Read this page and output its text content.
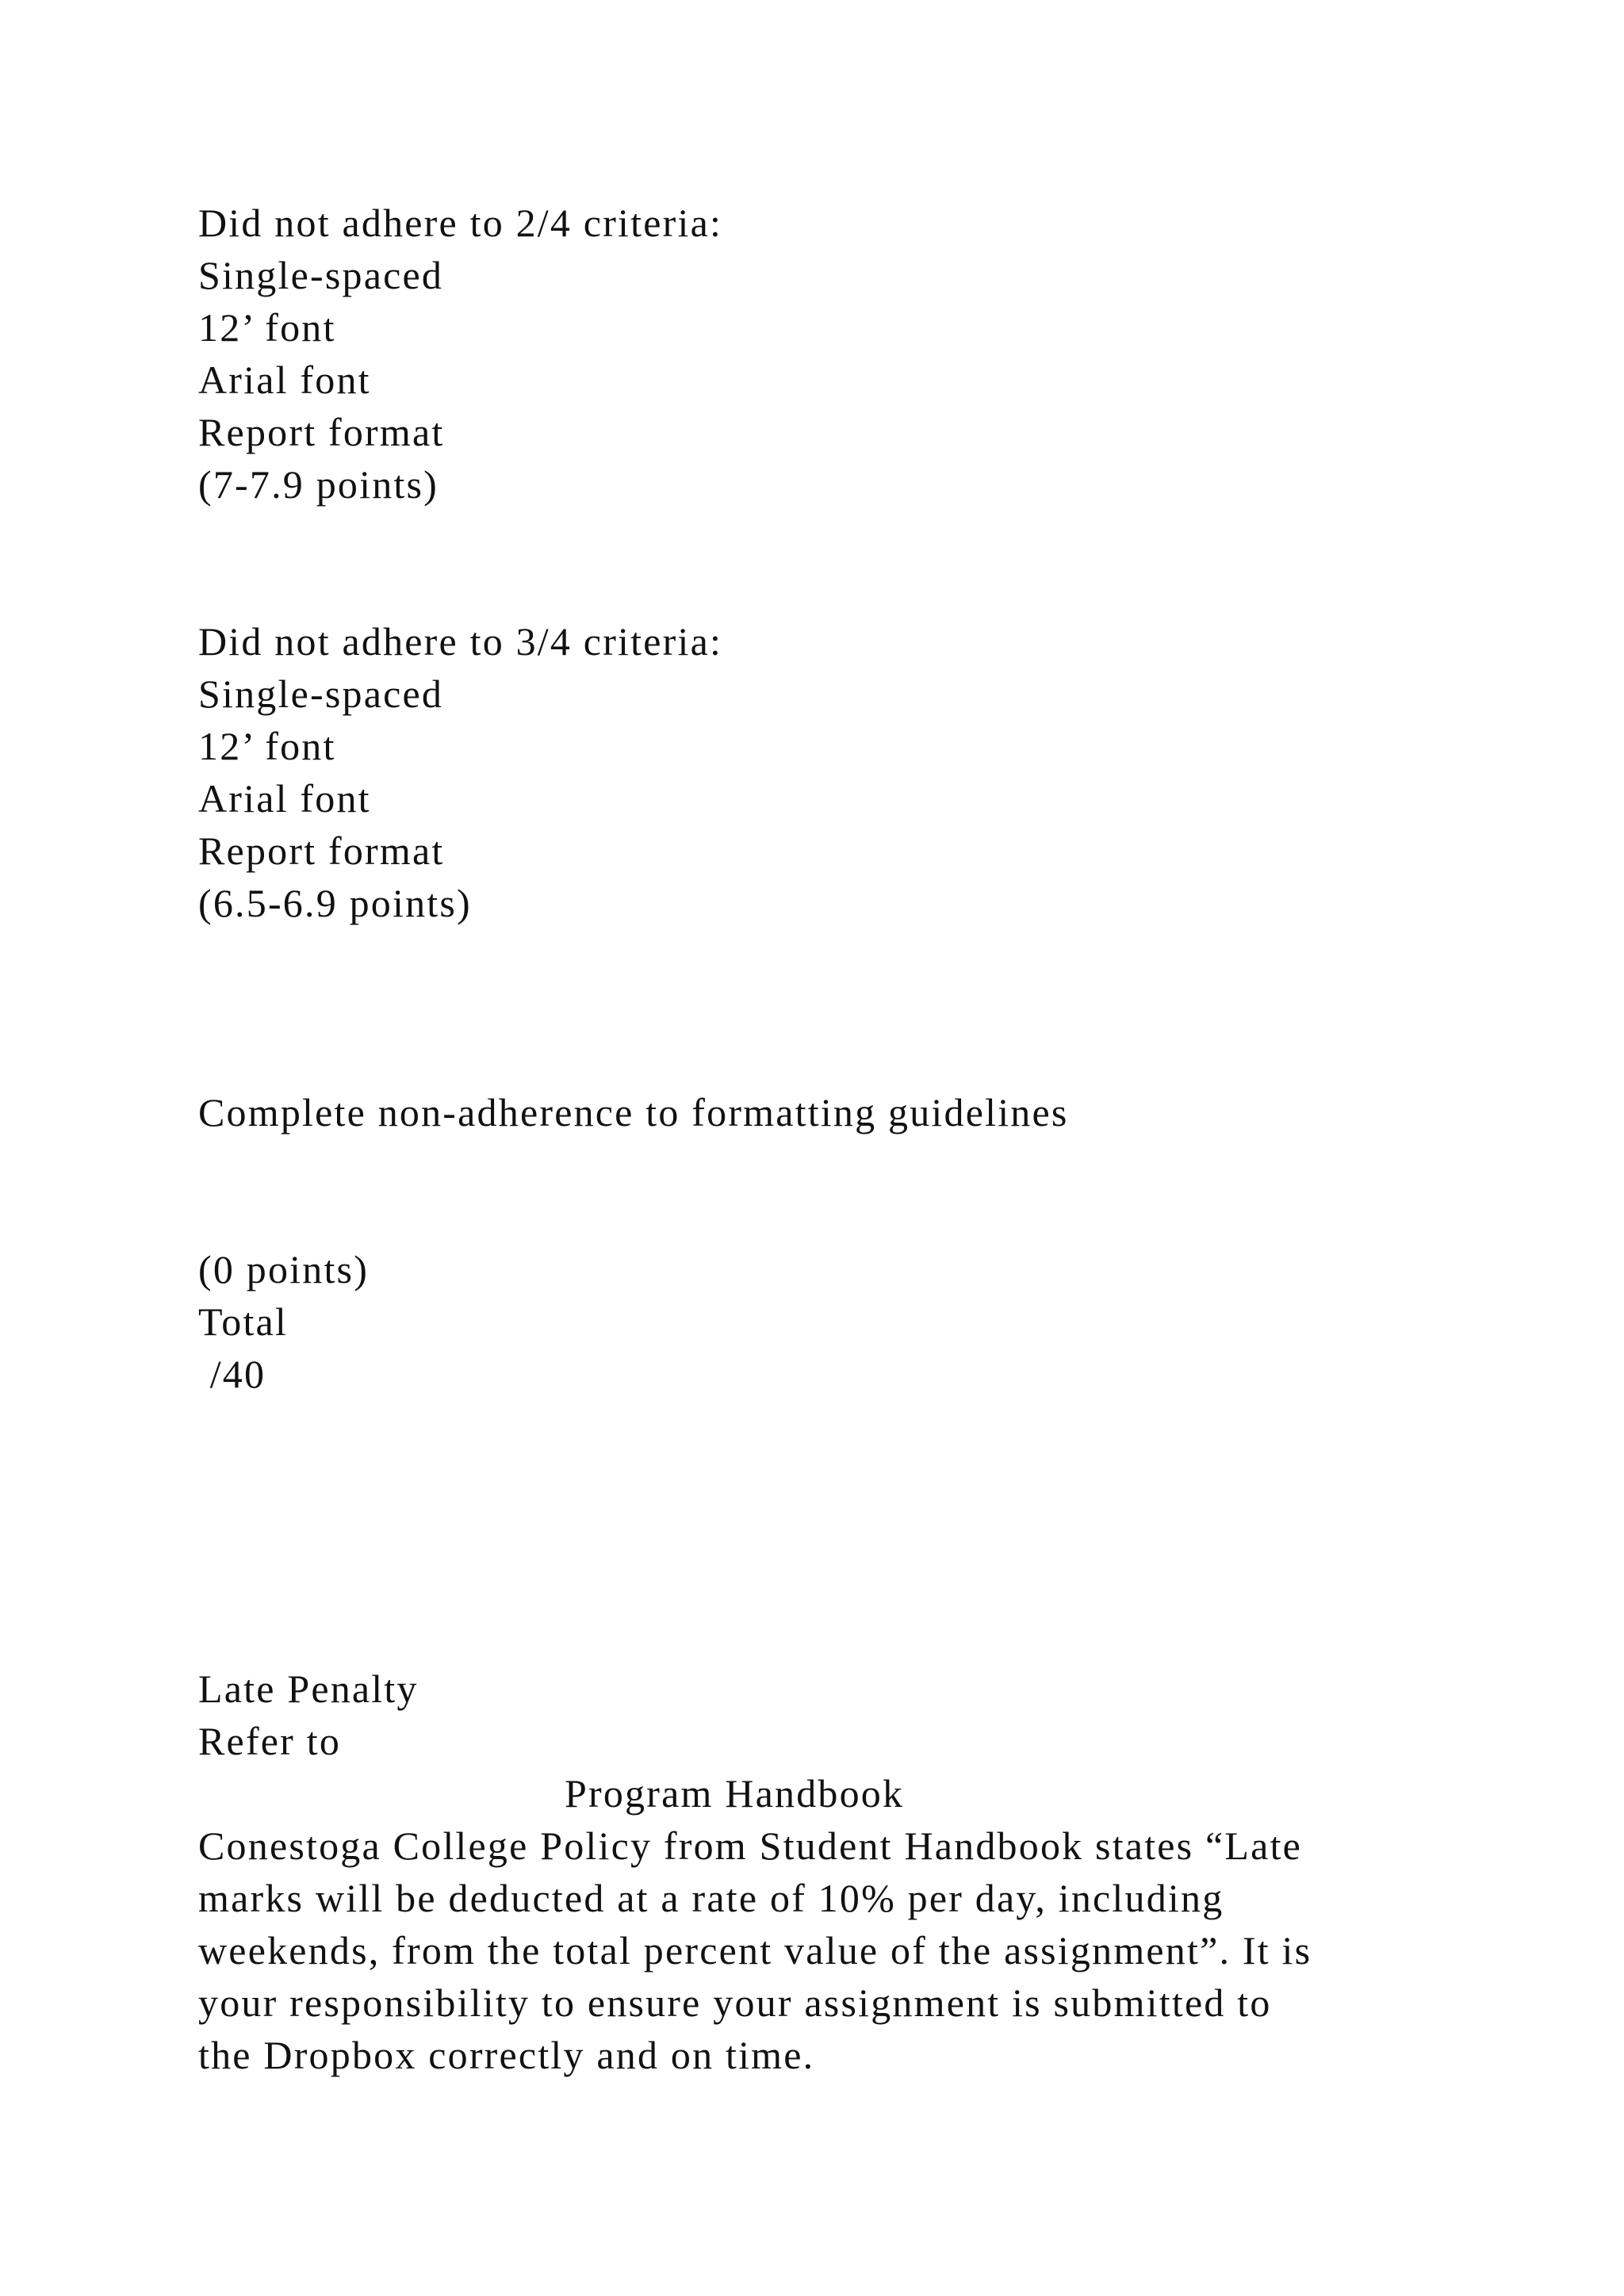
Did not adhere to 2/4 criteria:
Single-spaced
12’ font
Arial font
Report format
(7-7.9 points)
Did not adhere to 3/4 criteria:
Single-spaced
12’ font
Arial font
Report format
(6.5-6.9 points)
Complete non-adherence to formatting guidelines
(0 points)
Total
/40
Late Penalty
Refer to
Program Handbook
Conestoga College Policy from Student Handbook states “Late
marks will be deducted at a rate of 10% per day, including
weekends, from the total percent value of the assignment”. It is
your responsibility to ensure your assignment is submitted to
the Dropbox correctly and on time.
